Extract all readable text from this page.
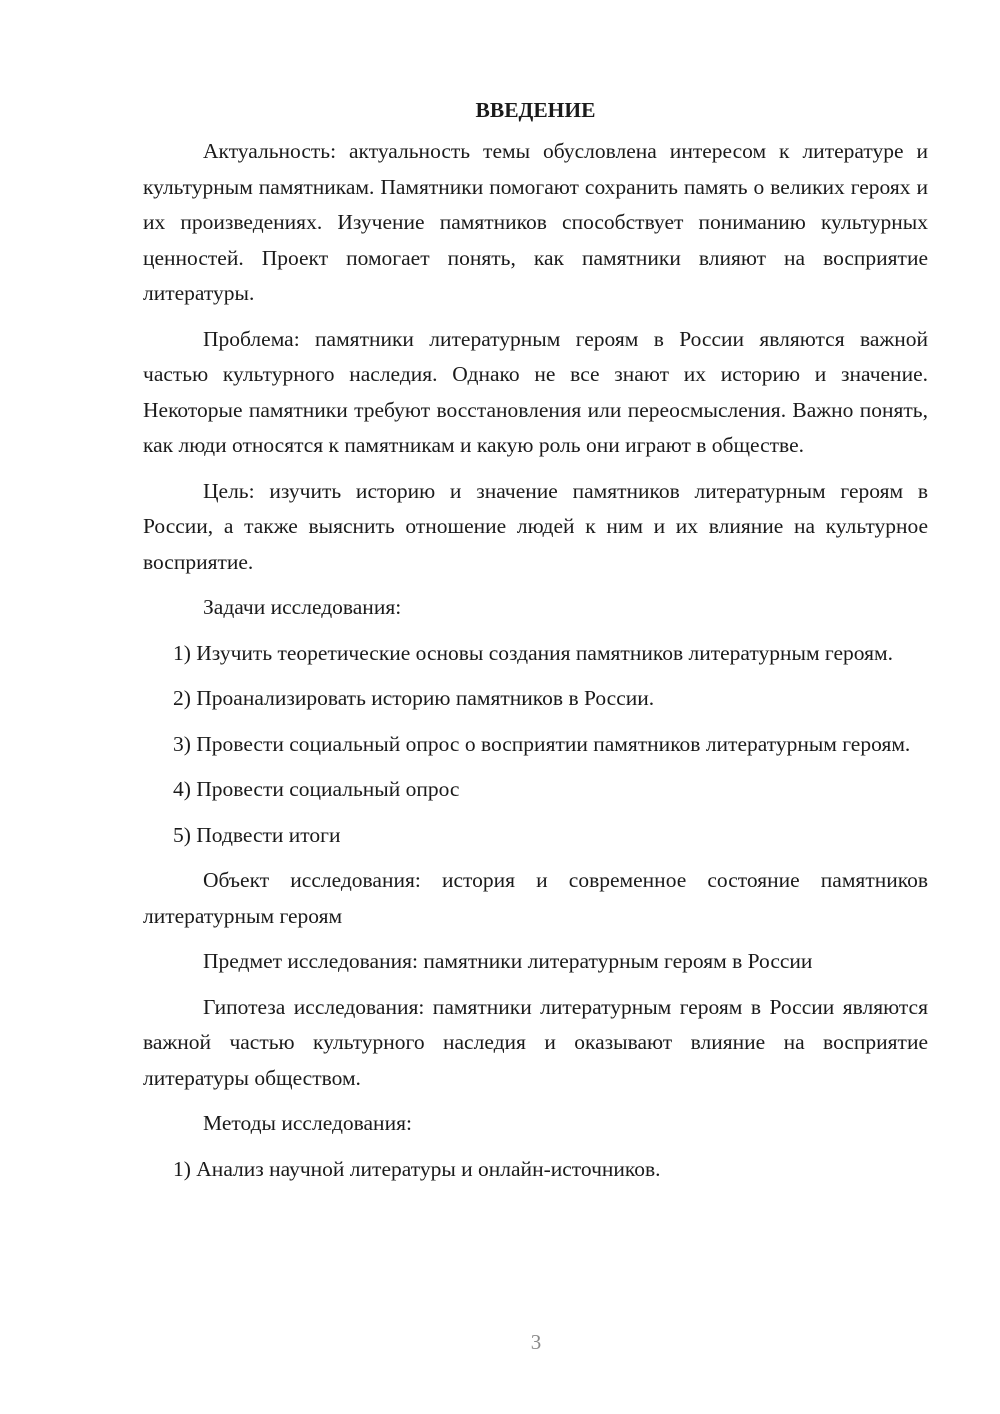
ВВЕДЕНИЕ
Актуальность: актуальность темы обусловлена интересом к литературе и культурным памятникам. Памятники помогают сохранить память о великих героях и их произведениях. Изучение памятников способствует пониманию культурных ценностей. Проект помогает понять, как памятники влияют на восприятие литературы.
Проблема: памятники литературным героям в России являются важной частью культурного наследия. Однако не все знают их историю и значение. Некоторые памятники требуют восстановления или переосмысления. Важно понять, как люди относятся к памятникам и какую роль они играют в обществе.
Цель: изучить историю и значение памятников литературным героям в России, а также выяснить отношение людей к ним и их влияние на культурное восприятие.
Задачи исследования:
1) Изучить теоретические основы создания памятников литературным героям.
2) Проанализировать историю памятников в России.
3) Провести социальный опрос о восприятии памятников литературным героям.
4) Провести социальный опрос
5) Подвести итоги
Объект исследования: история и современное состояние памятников литературным героям
Предмет исследования: памятники литературным героям в России
Гипотеза исследования: памятники литературным героям в России являются важной частью культурного наследия и оказывают влияние на восприятие литературы обществом.
Методы исследования:
1) Анализ научной литературы и онлайн-источников.
3
